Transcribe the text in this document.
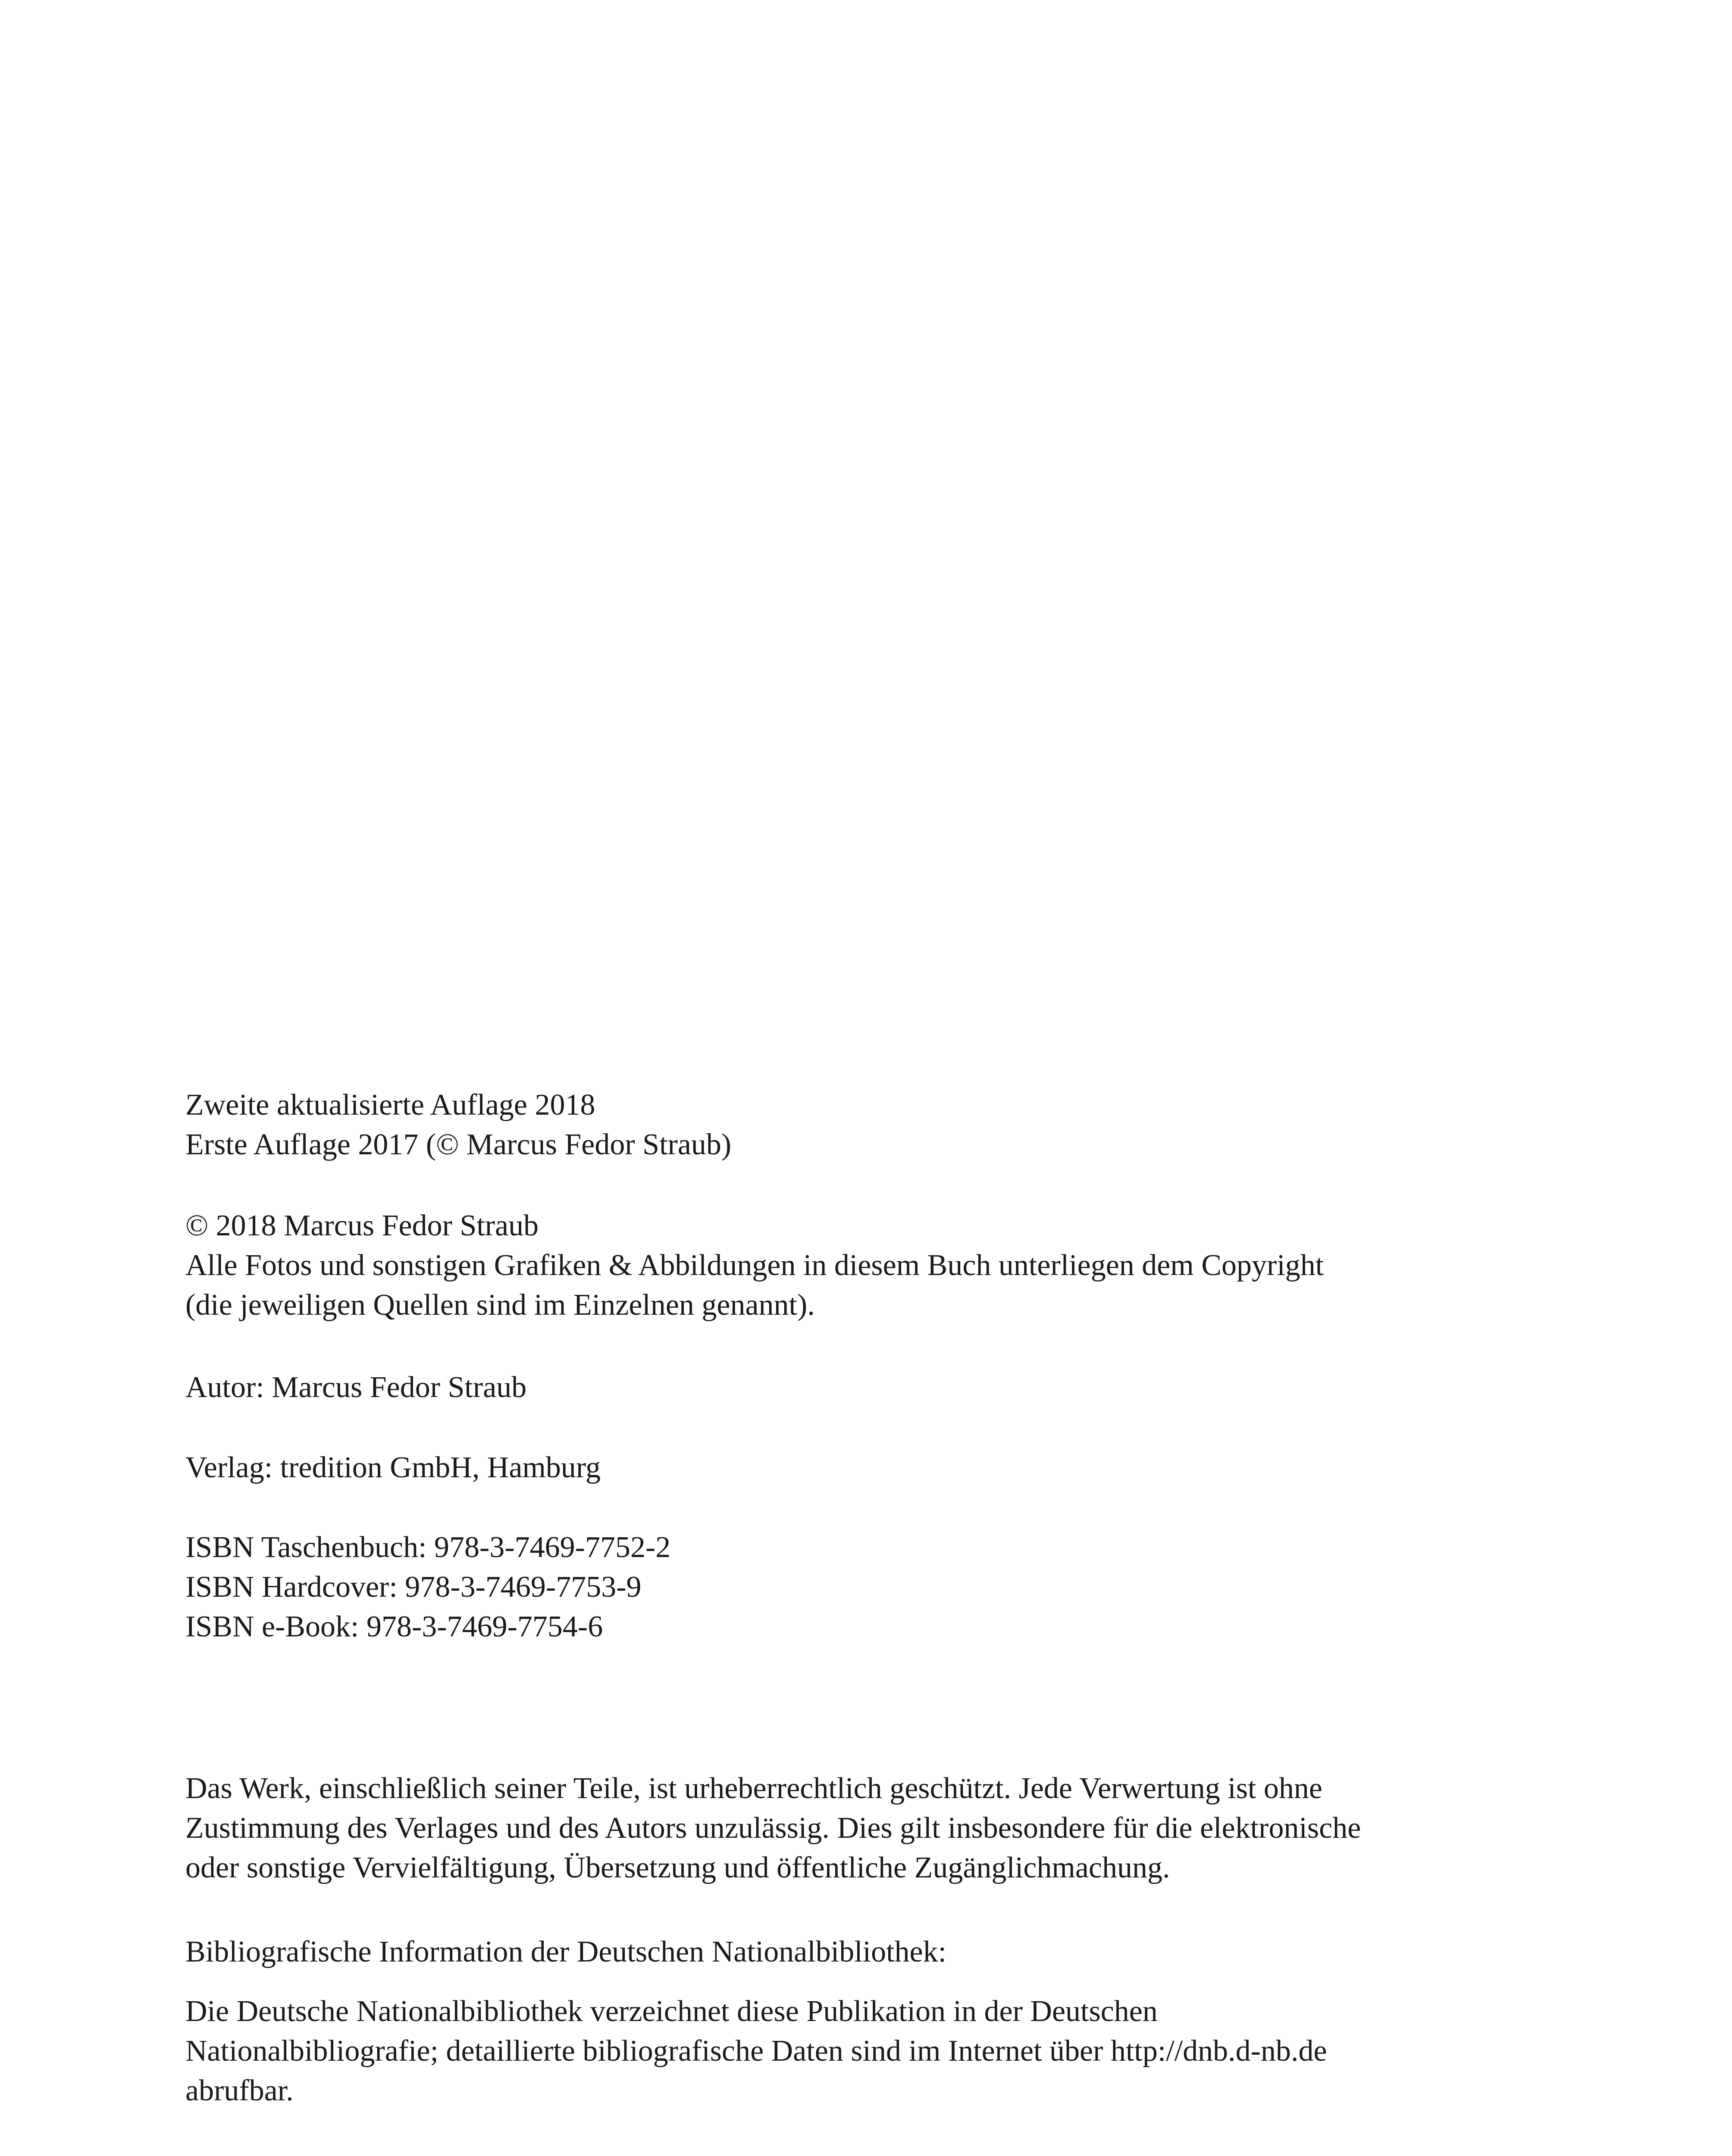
Zweite aktualisierte Auflage 2018
Erste Auflage 2017 (© Marcus Fedor Straub)
© 2018 Marcus Fedor Straub
Alle Fotos und sonstigen Grafiken & Abbildungen in diesem Buch unterliegen dem Copyright
(die jeweiligen Quellen sind im Einzelnen genannt).
Autor: Marcus Fedor Straub
Verlag: tredition GmbH, Hamburg
ISBN Taschenbuch: 978-3-7469-7752-2
ISBN Hardcover: 978-3-7469-7753-9
ISBN e-Book: 978-3-7469-7754-6
Das Werk, einschließlich seiner Teile, ist urheberrechtlich geschützt. Jede Verwertung ist ohne
Zustimmung des Verlages und des Autors unzulässig. Dies gilt insbesondere für die elektronische
oder sonstige Vervielfältigung, Übersetzung und öffentliche Zugänglichmachung.
Bibliografische Information der Deutschen Nationalbibliothek:
Die Deutsche Nationalbibliothek verzeichnet diese Publikation in der Deutschen
Nationalbibliografie; detaillierte bibliografische Daten sind im Internet über http://dnb.d-nb.de
abrufbar.
